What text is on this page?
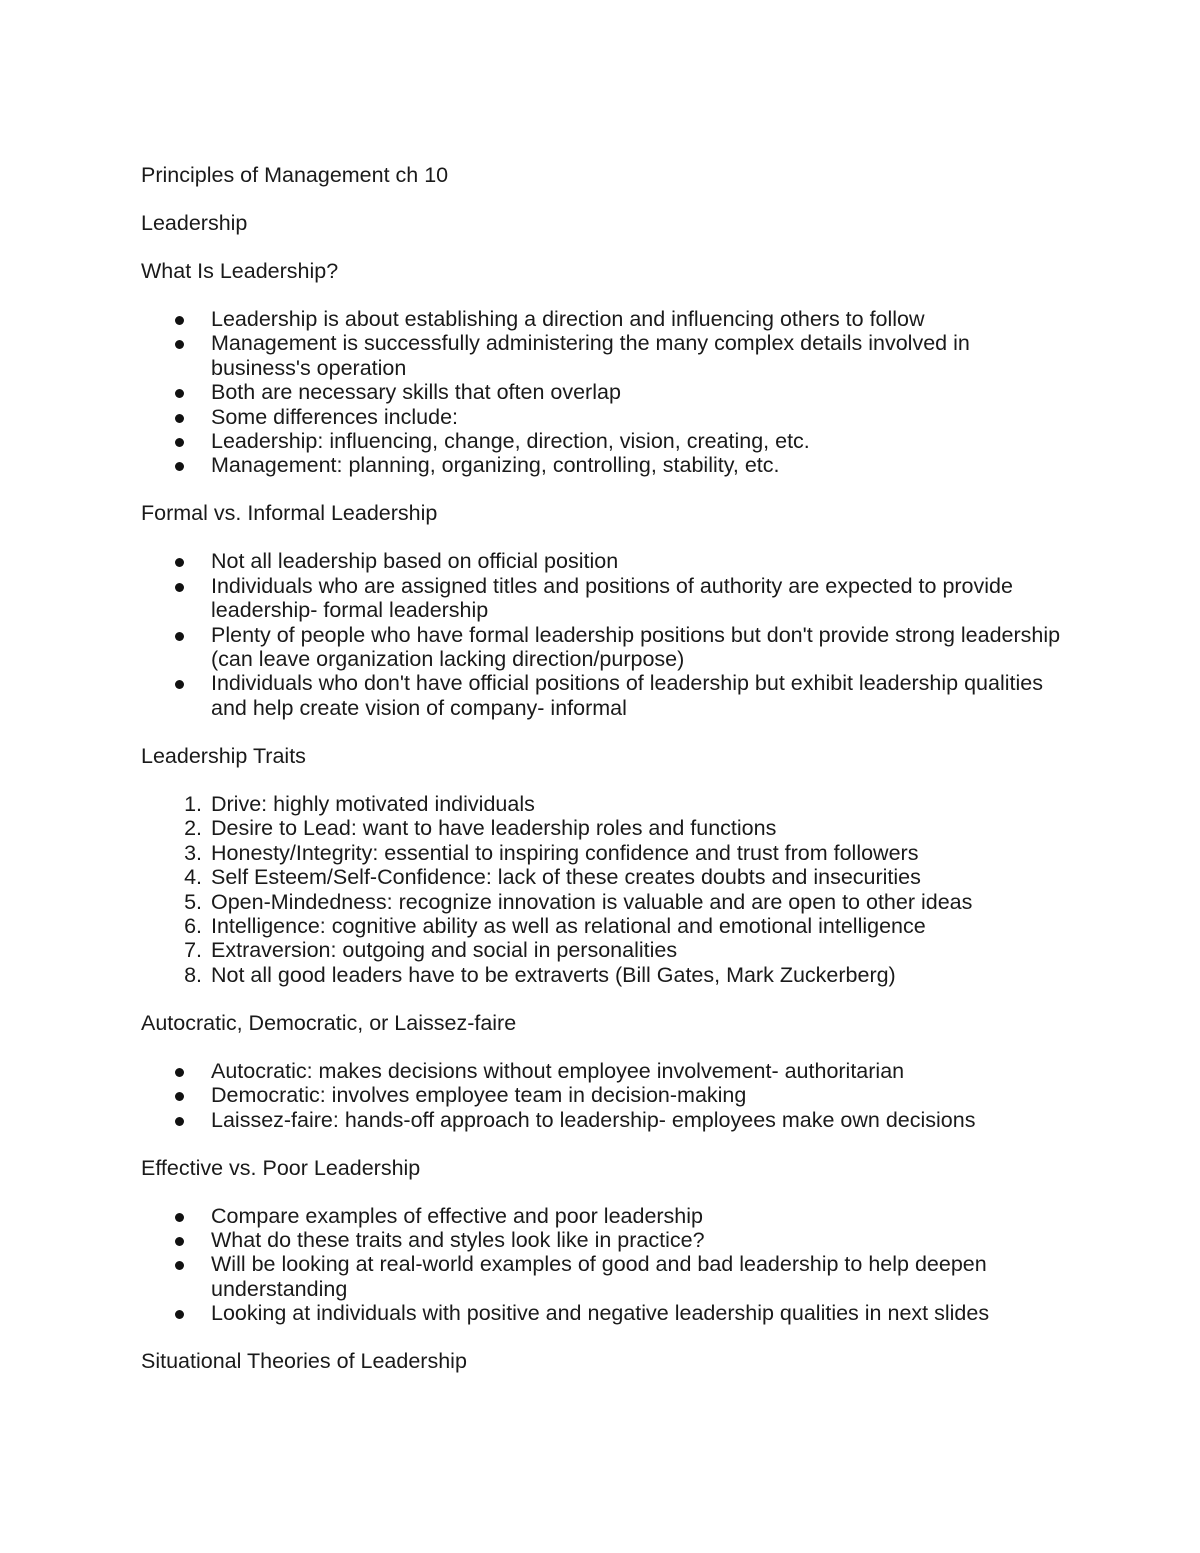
Principles of Management ch 10

Leadership

What Is Leadership?

Leadership is about establishing a direction and influencing others to follow
Management is successfully administering the many complex details involved in business's operation
Both are necessary skills that often overlap
Some differences include:
Leadership: influencing, change, direction, vision, creating, etc.
Management: planning, organizing, controlling, stability, etc.

Formal vs. Informal Leadership

Not all leadership based on official position
Individuals who are assigned titles and positions of authority are expected to provide leadership- formal leadership
Plenty of people who have formal leadership positions but don't provide strong leadership (can leave organization lacking direction/purpose)
Individuals who don't have official positions of leadership but exhibit leadership qualities and help create vision of company- informal

Leadership Traits

1. Drive: highly motivated individuals
2. Desire to Lead: want to have leadership roles and functions
3. Honesty/Integrity: essential to inspiring confidence and trust from followers
4. Self Esteem/Self-Confidence: lack of these creates doubts and insecurities
5. Open-Mindedness: recognize innovation is valuable and are open to other ideas
6. Intelligence: cognitive ability as well as relational and emotional intelligence
7. Extraversion: outgoing and social in personalities
8. Not all good leaders have to be extraverts (Bill Gates, Mark Zuckerberg)

Autocratic, Democratic, or Laissez-faire

Autocratic: makes decisions without employee involvement- authoritarian
Democratic: involves employee team in decision-making
Laissez-faire: hands-off approach to leadership- employees make own decisions

Effective vs. Poor Leadership

Compare examples of effective and poor leadership
What do these traits and styles look like in practice?
Will be looking at real-world examples of good and bad leadership to help deepen understanding
Looking at individuals with positive and negative leadership qualities in next slides

Situational Theories of Leadership
